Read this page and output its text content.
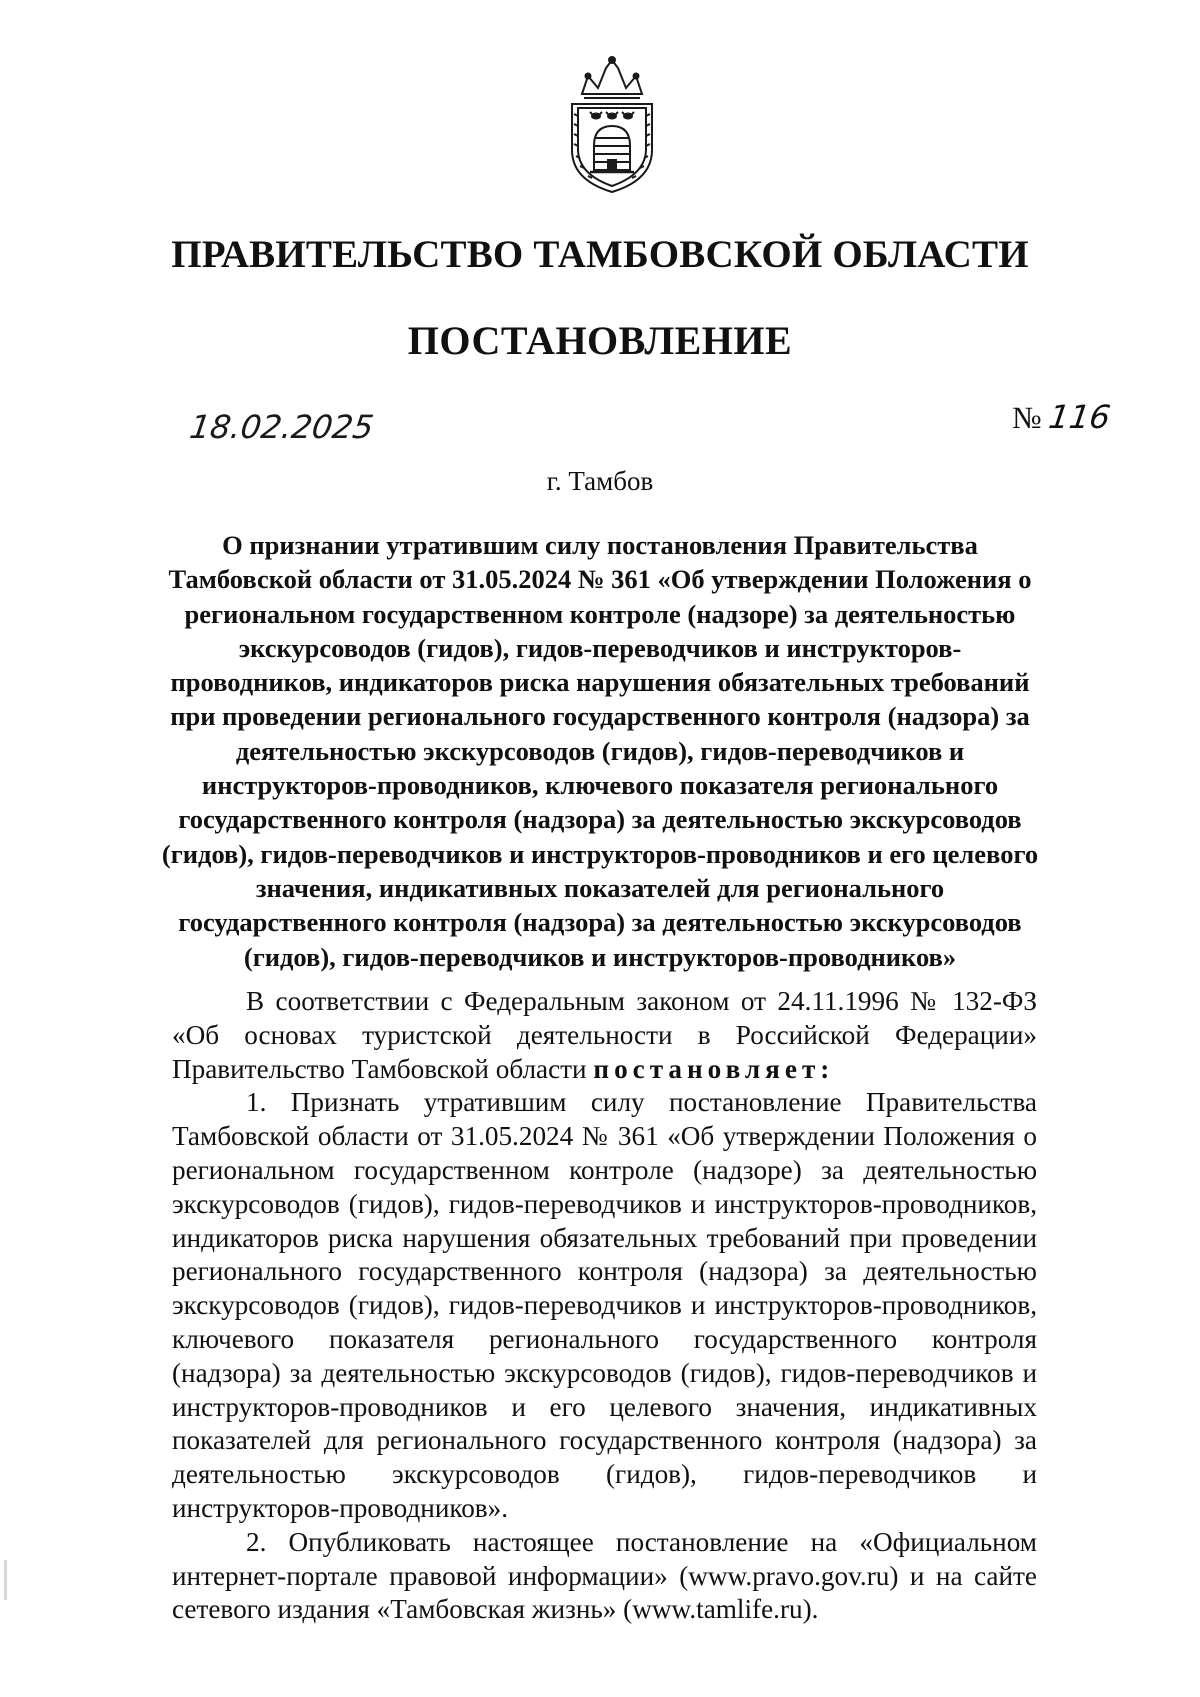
ПРАВИТЕЛЬСТВО ТАМБОВСКОЙ ОБЛАСТИ
ПОСТАНОВЛЕНИЕ
18.02.2025	№ 116
г. Тамбов
О признании утратившим силу постановления Правительства Тамбовской области от 31.05.2024 № 361 «Об утверждении Положения о региональном государственном контроле (надзоре) за деятельностью экскурсоводов (гидов), гидов-переводчиков и инструкторов-проводников, индикаторов риска нарушения обязательных требований при проведении регионального государственного контроля (надзора) за деятельностью экскурсоводов (гидов), гидов-переводчиков и инструкторов-проводников, ключевого показателя регионального государственного контроля (надзора) за деятельностью экскурсоводов (гидов), гидов-переводчиков и инструкторов-проводников и его целевого значения, индикативных показателей для регионального государственного контроля (надзора) за деятельностью экскурсоводов (гидов), гидов-переводчиков и инструкторов-проводников»

В соответствии с Федеральным законом от 24.11.1996 № 132-ФЗ «Об основах туристской деятельности в Российской Федерации» Правительство Тамбовской области постановляет:

1. Признать утратившим силу постановление Правительства Тамбовской области от 31.05.2024 № 361 «Об утверждении Положения о региональном государственном контроле (надзоре) за деятельностью экскурсоводов (гидов), гидов-переводчиков и инструкторов-проводников, индикаторов риска нарушения обязательных требований при проведении регионального государственного контроля (надзора) за деятельностью экскурсоводов (гидов), гидов-переводчиков и инструкторов-проводников, ключевого показателя регионального государственного контроля (надзора) за деятельностью экскурсоводов (гидов), гидов-переводчиков и инструкторов-проводников и его целевого значения, индикативных показателей для регионального государственного контроля (надзора) за деятельностью экскурсоводов (гидов), гидов-переводчиков и инструкторов-проводников».

2. Опубликовать настоящее постановление на «Официальном интернет-портале правовой информации» (www.pravo.gov.ru) и на сайте сетевого издания «Тамбовская жизнь» (www.tamlife.ru).
